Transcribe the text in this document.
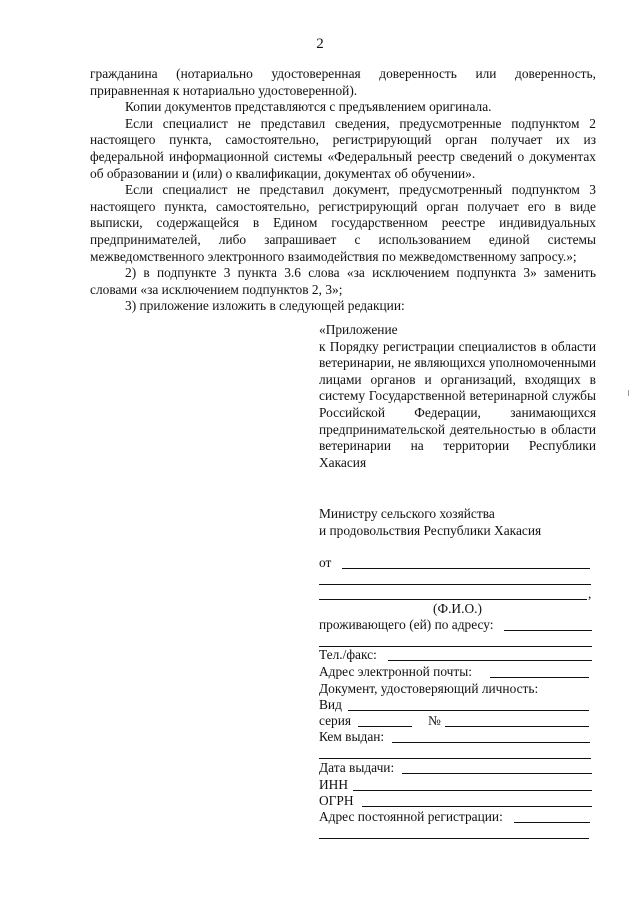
2

гражданина (нотариально удостоверенная доверенность или доверенность, приравненная к нотариально удостоверенной).

Копии документов представляются с предъявлением оригинала.

Если специалист не представил сведения, предусмотренные подпунктом 2 настоящего пункта, самостоятельно, регистрирующий орган получает их из федеральной информационной системы «Федеральный реестр сведений о документах об образовании и (или) о квалификации, документах об обучении».

Если специалист не представил документ, предусмотренный подпунктом 3 настоящего пункта, самостоятельно, регистрирующий орган получает его в виде выписки, содержащейся в Едином государственном реестре индивидуальных предпринимателей, либо запрашивает с использованием единой системы межведомственного электронного взаимодействия по межведомственному запросу.»;

2) в подпункте 3 пункта 3.6 слова «за исключением подпункта 3» заменить словами «за исключением подпунктов 2, 3»;

3) приложение изложить в следующей редакции:

«Приложение

к Порядку регистрации специалистов в области ветеринарии, не являющихся уполномоченными лицами органов и организаций, входящих в систему Государственной ветеринарной службы Российской Федерации, занимающихся предпринимательской деятельностью в области ветеринарии на территории Республики Хакасия

Министру сельского хозяйства
и продовольствия Республики Хакасия
от
,
(Ф.И.О.)
проживающего (ей) по адресу:
Тел./факс:
Адрес электронной почты:
Документ, удостоверяющий личность:
Вид
серия	№
Кем выдан:
Дата выдачи:
ИНН
ОГРН
Адрес постоянной регистрации:
